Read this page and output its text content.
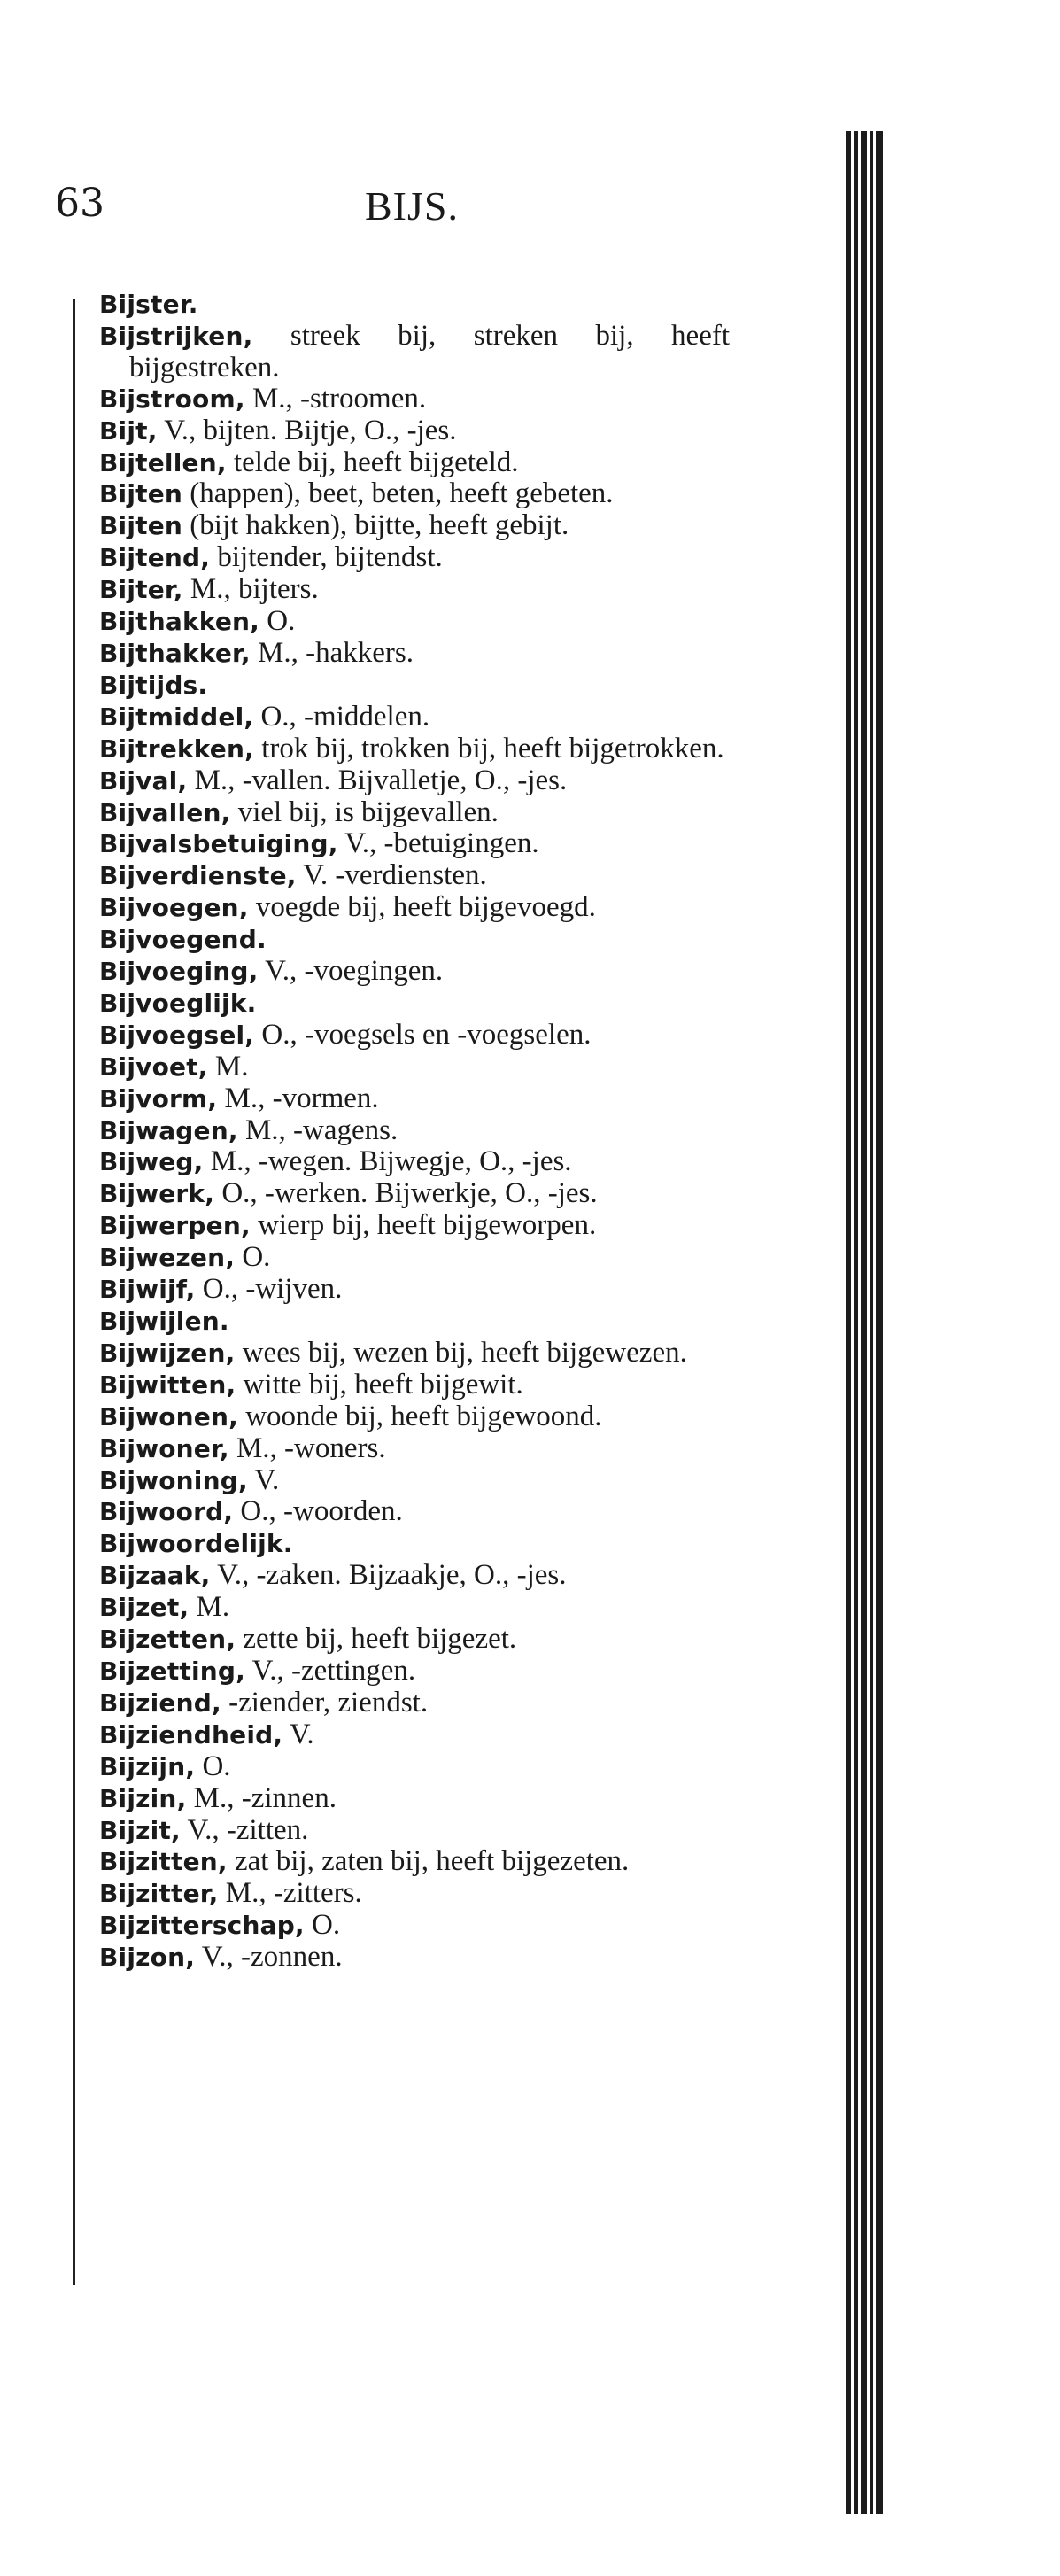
63	BIJS.
Bijster.
Bijstrijken, streek bij, streken bij, heeft bijgestreken.
Bijstroom, M., -stroomen.
Bijt, V., bijten. Bijtje, O., -jes.
Bijtellen, telde bij, heeft bijgeteld.
Bijten (happen), beet, beten, heeft gebeten.
Bijten (bijt hakken), bijtte, heeft gebijt.
Bijtend, bijtender, bijtendst.
Bijter, M., bijters.
Bijthakken, O.
Bijthakker, M., -hakkers.
Bijtijds.
Bijtmiddel, O., -middelen.
Bijtrekken, trok bij, trokken bij, heeft bijgetrokken.
Bijval, M., -vallen. Bijvalletje, O., -jes.
Bijvallen, viel bij, is bijgevallen.
Bijvalsbetuiging, V., -betuigingen.
Bijverdienste, V. -verdiensten.
Bijvoegen, voegde bij, heeft bijgevoegd.
Bijvoegend.
Bijvoeging, V., -voegingen.
Bijvoeglijk.
Bijvoegsel, O., -voegsels en -voegselen.
Bijvoet, M.
Bijvorm, M., -vormen.
Bijwagen, M., -wagens.
Bijweg, M., -wegen. Bijwegje, O., -jes.
Bijwerk, O., -werken. Bijwerkje, O., -jes.
Bijwerpen, wierp bij, heeft bijgeworpen.
Bijwezen, O.
Bijwijf, O., -wijven.
Bijwijlen.
Bijwijzen, wees bij, wezen bij, heeft bijgewezen.
Bijwitten, witte bij, heeft bijgewit.
Bijwonen, woonde bij, heeft bijgewoond.
Bijwoner, M., -woners.
Bijwoning, V.
Bijwoord, O., -woorden.
Bijwoordelijk.
Bijzaak, V., -zaken. Bijzaakje, O., -jes.
Bijzet, M.
Bijzetten, zette bij, heeft bijgezet.
Bijzetting, V., -zettingen.
Bijziend, -ziender, ziendst.
Bijziendheid, V.
Bijzijn, O.
Bijzin, M., -zinnen.
Bijzit, V., -zitten.
Bijzitten, zat bij, zaten bij, heeft bijgezeten.
Bijzitter, M., -zitters.
Bijzitterschap, O.
Bijzon, V., -zonnen.
